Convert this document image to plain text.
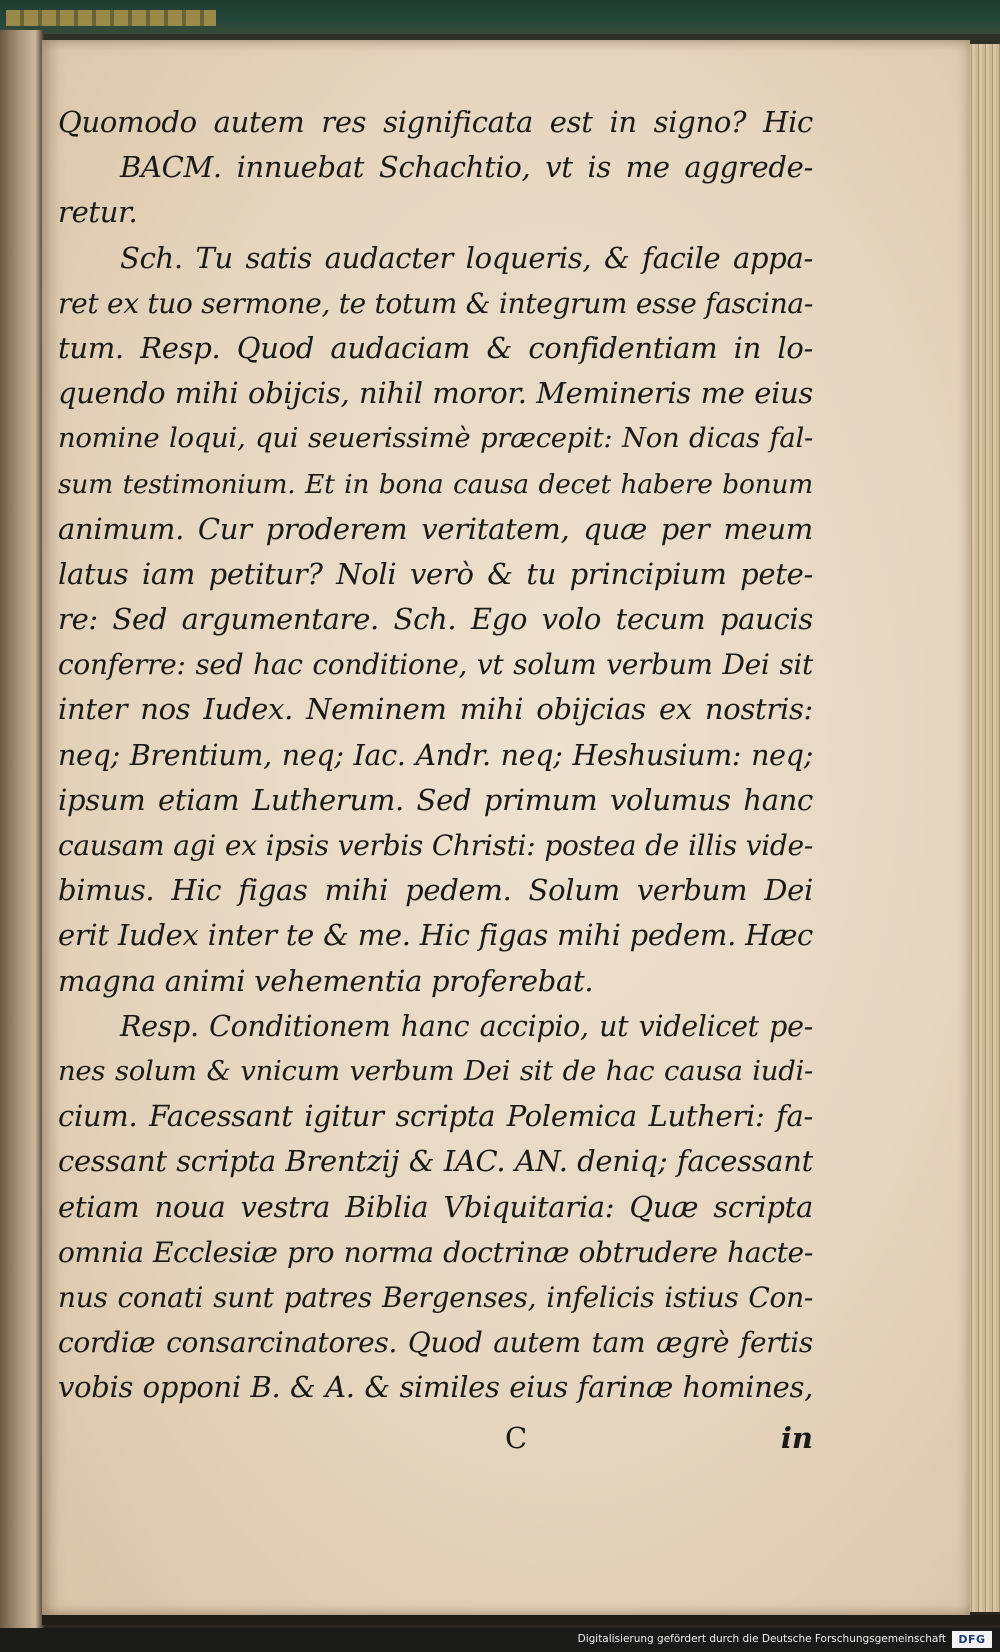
Quomodo autem res significata est in signo? Hic
BACM. innuebat Schachtio, vt is me aggrede-
retur.
Sch. Tu satis audacter loqueris, & facile appa-
ret ex tuo sermone, te totum & integrum esse fascina-
tum. Resp. Quod audaciam & confidentiam in lo-
quendo mihi obijcis, nihil moror. Memineris me eius
nomine loqui, qui seuerissimè præcepit: Non dicas fal-
sum testimonium. Et in bona causa decet habere bonum
animum. Cur proderem veritatem, quæ per meum
latus iam petitur? Noli verò & tu principium pete-
re: Sed argumentare. Sch. Ego volo tecum paucis
conferre: sed hac conditione, vt solum verbum Dei sit
inter nos Iudex. Neminem mihi obijcias ex nostris:
neq; Brentium, neq; Iac. Andr. neq; Heshusium: neq;
ipsum etiam Lutherum. Sed primum volumus hanc
causam agi ex ipsis verbis Christi: postea de illis vide-
bimus. Hic figas mihi pedem. Solum verbum Dei
erit Iudex inter te & me. Hic figas mihi pedem. Hæc
magna animi vehementia proferebat.
Resp. Conditionem hanc accipio, ut videlicet pe-
nes solum & vnicum verbum Dei sit de hac causa iudi-
cium. Facessant igitur scripta Polemica Lutheri: fa-
cessant scripta Brentzij & IAC. AN. deniq; facessant
etiam noua vestra Biblia Vbiquitaria: Quæ scripta
omnia Ecclesiæ pro norma doctrinæ obtrudere hacte-
nus conati sunt patres Bergenses, infelicis istius Con-
cordiæ consarcinatores. Quod autem tam ægrè fertis
vobis opponi B. & A. & similes eius farinæ homines,
C	in
Digitalisierung gefördert durch die Deutsche Forschungsgemeinschaft	DFG
